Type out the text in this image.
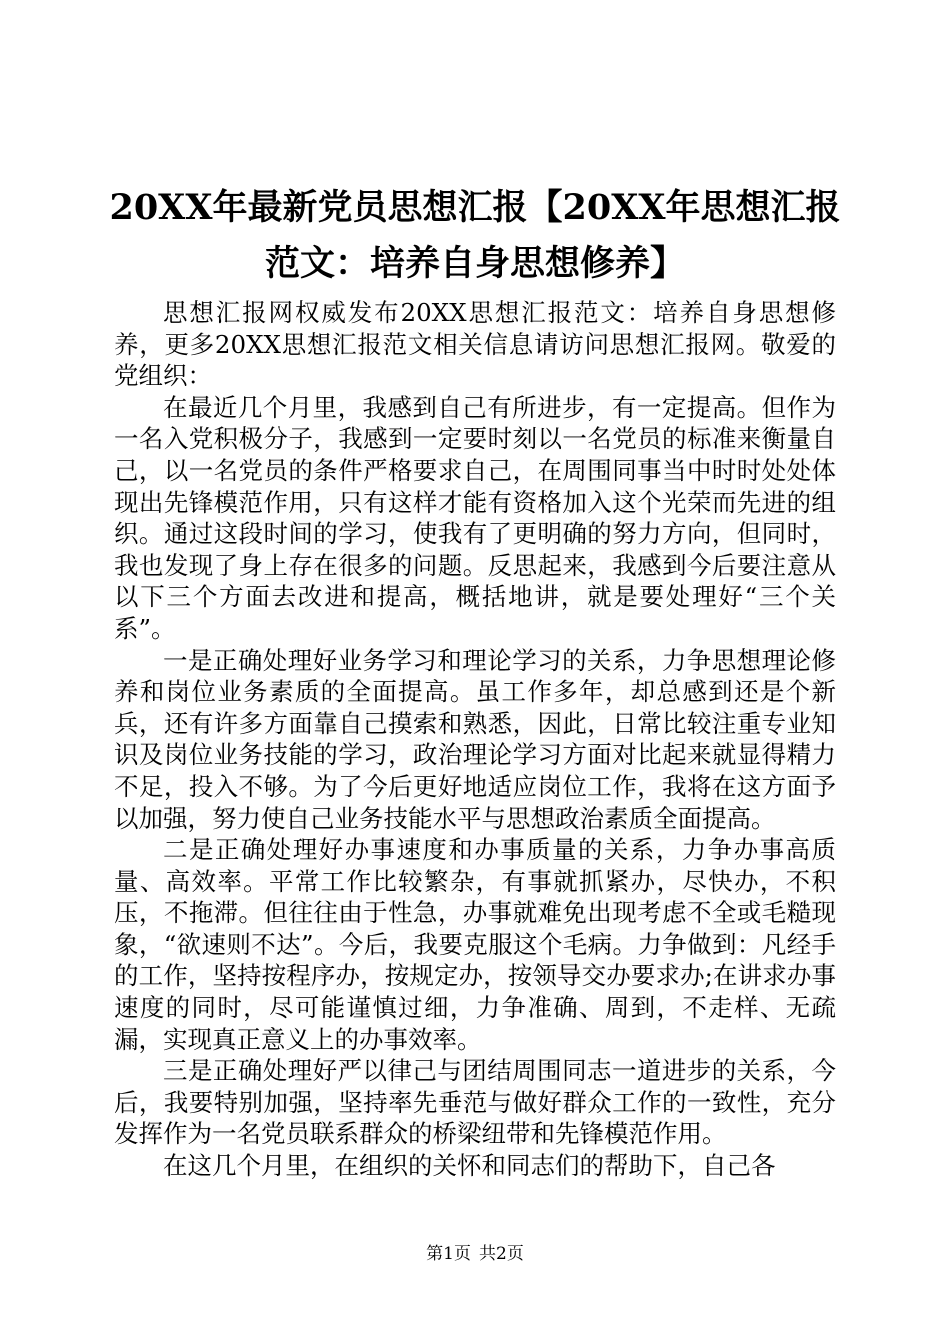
20XX年最新党员思想汇报【20XX年思想汇报
范文：培养自身思想修养】

思想汇报网权威发布20XX思想汇报范文：培养自身思想修养，更多20XX思想汇报范文相关信息请访问思想汇报网。敬爱的党组织：

在最近几个月里，我感到自己有所进步，有一定提高。但作为一名入党积极分子，我感到一定要时刻以一名党员的标准来衡量自己，以一名党员的条件严格要求自己，在周围同事当中时时处处体现出先锋模范作用，只有这样才能有资格加入这个光荣而先进的组织。通过这段时间的学习，使我有了更明确的努力方向，但同时，我也发现了身上存在很多的问题。反思起来，我感到今后要注意从以下三个方面去改进和提高，概括地讲，就是要处理好“三个关系”。

一是正确处理好业务学习和理论学习的关系，力争思想理论修养和岗位业务素质的全面提高。虽工作多年，却总感到还是个新兵，还有许多方面靠自己摸索和熟悉，因此，日常比较注重专业知识及岗位业务技能的学习，政治理论学习方面对比起来就显得精力不足，投入不够。为了今后更好地适应岗位工作，我将在这方面予以加强，努力使自己业务技能水平与思想政治素质全面提高。

二是正确处理好办事速度和办事质量的关系，力争办事高质量、高效率。平常工作比较繁杂，有事就抓紧办，尽快办，不积压，不拖滞。但往往由于性急，办事就难免出现考虑不全或毛糙现象，“欲速则不达”。今后，我要克服这个毛病。力争做到：凡经手的工作，坚持按程序办，按规定办，按领导交办要求办;在讲求办事速度的同时，尽可能谨慎过细，力争准确、周到，不走样、无疏漏，实现真正意义上的办事效率。

三是正确处理好严以律己与团结周围同志一道进步的关系，今后，我要特别加强，坚持率先垂范与做好群众工作的一致性，充分发挥作为一名党员联系群众的桥梁纽带和先锋模范作用。

在这几个月里，在组织的关怀和同志们的帮助下，自己各

第1页 共2页
